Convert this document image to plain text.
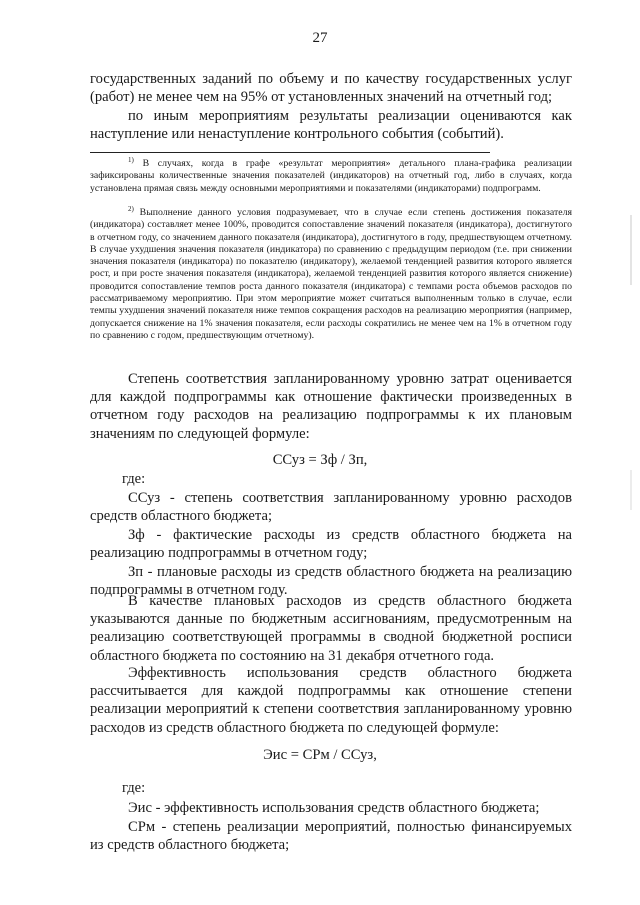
27

государственных заданий по объему и по качеству государственных услуг (работ) не менее чем на 95% от установленных значений на отчетный год;

по иным мероприятиям результаты реализации оцениваются как наступление или ненаступление контрольного события (событий).

$^{1)}$ В случаях, когда в графе «результат мероприятия» детального плана-графика реализации зафиксированы количественные значения показателей (индикаторов) на отчетный год, либо в случаях, когда установлена прямая связь между основными мероприятиями и показателями (индикаторами) подпрограмм.

$^{2)}$ Выполнение данного условия подразумевает, что в случае если степень достижения показателя (индикатора) составляет менее 100%, проводится сопоставление значений показателя (индикатора), достигнутого в отчетном году, со значением данного показателя (индикатора), достигнутого в году, предшествующем отчетному. В случае ухудшения значения показателя (индикатора) по сравнению с предыдущим периодом (т.е. при снижении значения показателя (индикатора) по показателю (индикатору), желаемой тенденцией развития которого является рост, и при росте значения показателя (индикатора), желаемой тенденцией развития которого является снижение) проводится сопоставление темпов роста данного показателя (индикатора) с темпами роста объемов расходов по рассматриваемому мероприятию. При этом мероприятие может считаться выполненным только в случае, если темпы ухудшения значений показателя ниже темпов сокращения расходов на реализацию мероприятия (например, допускается снижение на 1% значения показателя, если расходы сократились не менее чем на 1% в отчетном году по сравнению с годом, предшествующим отчетному).

Степень соответствия запланированному уровню затрат оценивается для каждой подпрограммы как отношение фактически произведенных в отчетном году расходов на реализацию подпрограммы к их плановым значениям по следующей формуле:

ССуз = Зф / Зп,
где:

ССуз - степень соответствия запланированному уровню расходов средств областного бюджета;

Зф - фактические расходы из средств областного бюджета на реализацию подпрограммы в отчетном году;

Зп - плановые расходы из средств областного бюджета на реализацию подпрограммы в отчетном году.

В качестве плановых расходов из средств областного бюджета указываются данные по бюджетным ассигнованиям, предусмотренным на реализацию соответствующей программы в сводной бюджетной росписи областного бюджета по состоянию на 31 декабря отчетного года.

Эффективность использования средств областного бюджета рассчитывается для каждой подпрограммы как отношение степени реализации мероприятий к степени соответствия запланированному уровню расходов из средств областного бюджета по следующей формуле:

Эис = СРм / ССуз,
где:

Эис - эффективность использования средств областного бюджета;

СРм - степень реализации мероприятий, полностью финансируемых из средств областного бюджета;
